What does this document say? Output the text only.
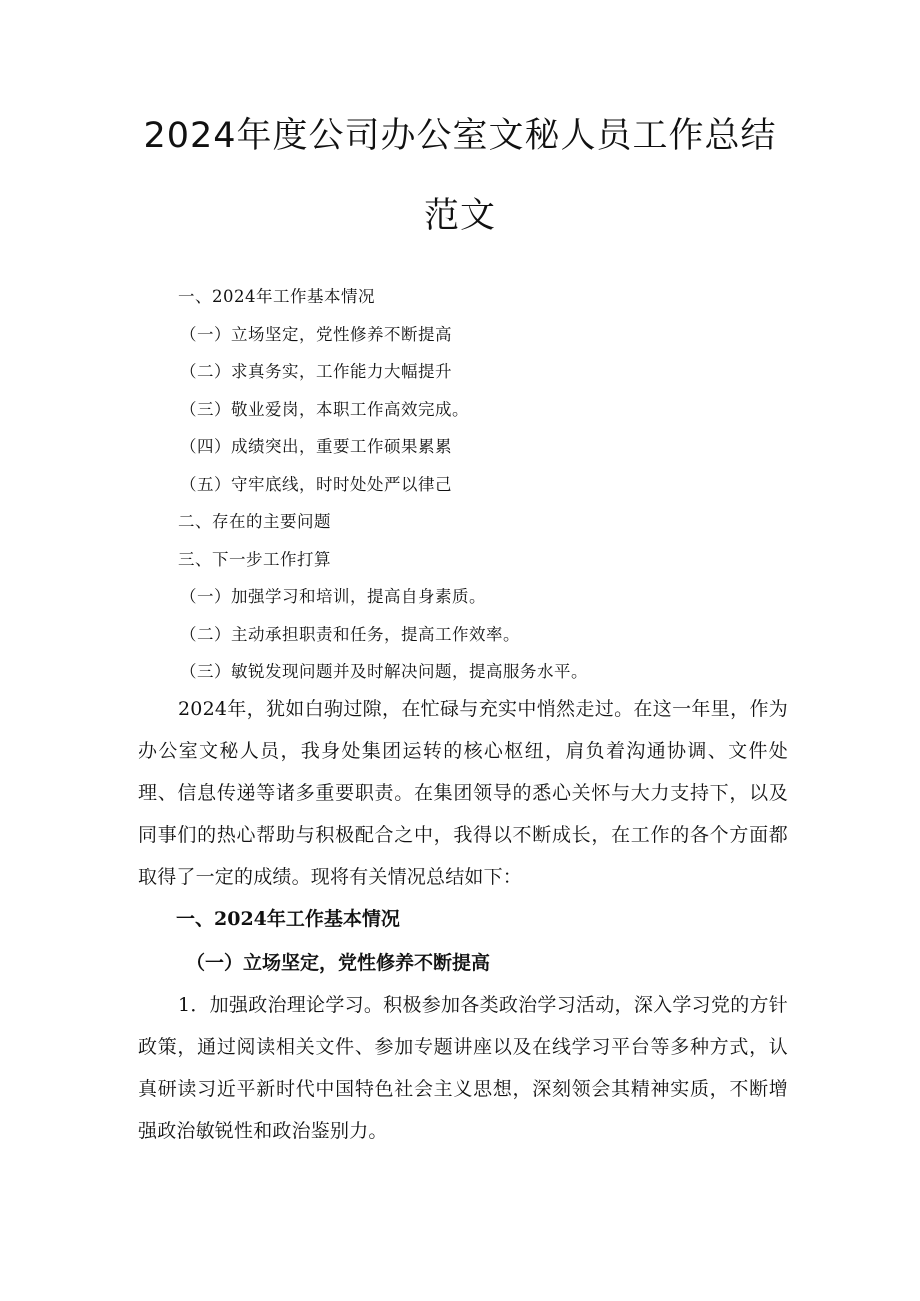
2024年度公司办公室文秘人员工作总结范文
一、2024年工作基本情况
（一）立场坚定，党性修养不断提高
（二）求真务实，工作能力大幅提升
（三）敬业爱岗，本职工作高效完成。
（四）成绩突出，重要工作硕果累累
（五）守牢底线，时时处处严以律己
二、存在的主要问题
三、下一步工作打算
（一）加强学习和培训，提高自身素质。
（二）主动承担职责和任务，提高工作效率。
（三）敏锐发现问题并及时解决问题，提高服务水平。

2024年，犹如白驹过隙，在忙碌与充实中悄然走过。在这一年里，作为办公室文秘人员，我身处集团运转的核心枢纽，肩负着沟通协调、文件处理、信息传递等诸多重要职责。在集团领导的悉心关怀与大力支持下，以及同事们的热心帮助与积极配合之中，我得以不断成长，在工作的各个方面都取得了一定的成绩。现将有关情况总结如下：

一、2024年工作基本情况

（一）立场坚定，党性修养不断提高

1．加强政治理论学习。积极参加各类政治学习活动，深入学习党的方针政策，通过阅读相关文件、参加专题讲座以及在线学习平台等多种方式，认真研读习近平新时代中国特色社会主义思想，深刻领会其精神实质，不断增强政治敏锐性和政治鉴别力。
